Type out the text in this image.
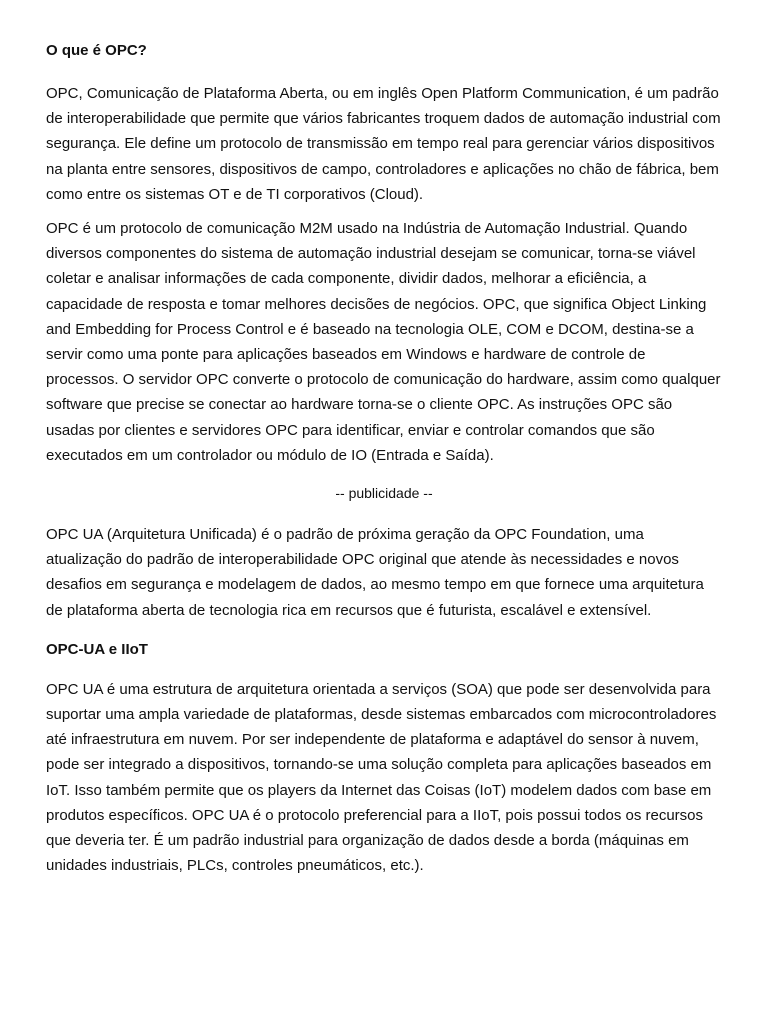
O que é OPC?

OPC, Comunicação de Plataforma Aberta, ou em inglês Open Platform Communication, é um padrão de interoperabilidade que permite que vários fabricantes troquem dados de automação industrial com segurança. Ele define um protocolo de transmissão em tempo real para gerenciar vários dispositivos na planta entre sensores, dispositivos de campo, controladores e aplicações no chão de fábrica, bem como entre os sistemas OT e de TI corporativos (Cloud).

OPC é um protocolo de comunicação M2M usado na Indústria de Automação Industrial. Quando diversos componentes do sistema de automação industrial desejam se comunicar, torna-se viável coletar e analisar informações de cada componente, dividir dados, melhorar a eficiência, a capacidade de resposta e tomar melhores decisões de negócios. OPC, que significa Object Linking and Embedding for Process Control e é baseado na tecnologia OLE, COM e DCOM, destina-se a servir como uma ponte para aplicações baseados em Windows e hardware de controle de processos. O servidor OPC converte o protocolo de comunicação do hardware, assim como qualquer software que precise se conectar ao hardware torna-se o cliente OPC. As instruções OPC são usadas por clientes e servidores OPC para identificar, enviar e controlar comandos que são executados em um controlador ou módulo de IO (Entrada e Saída).

-- publicidade --

OPC UA (Arquitetura Unificada) é o padrão de próxima geração da OPC Foundation, uma atualização do padrão de interoperabilidade OPC original que atende às necessidades e novos desafios em segurança e modelagem de dados, ao mesmo tempo em que fornece uma arquitetura de plataforma aberta de tecnologia rica em recursos que é futurista, escalável e extensível.

OPC-UA e IIoT

OPC UA é uma estrutura de arquitetura orientada a serviços (SOA) que pode ser desenvolvida para suportar uma ampla variedade de plataformas, desde sistemas embarcados com microcontroladores até infraestrutura em nuvem. Por ser independente de plataforma e adaptável do sensor à nuvem, pode ser integrado a dispositivos, tornando-se uma solução completa para aplicações baseados em IoT. Isso também permite que os players da Internet das Coisas (IoT) modelem dados com base em produtos específicos. OPC UA é o protocolo preferencial para a IIoT, pois possui todos os recursos que deveria ter. É um padrão industrial para organização de dados desde a borda (máquinas em unidades industriais, PLCs, controles pneumáticos, etc.).
